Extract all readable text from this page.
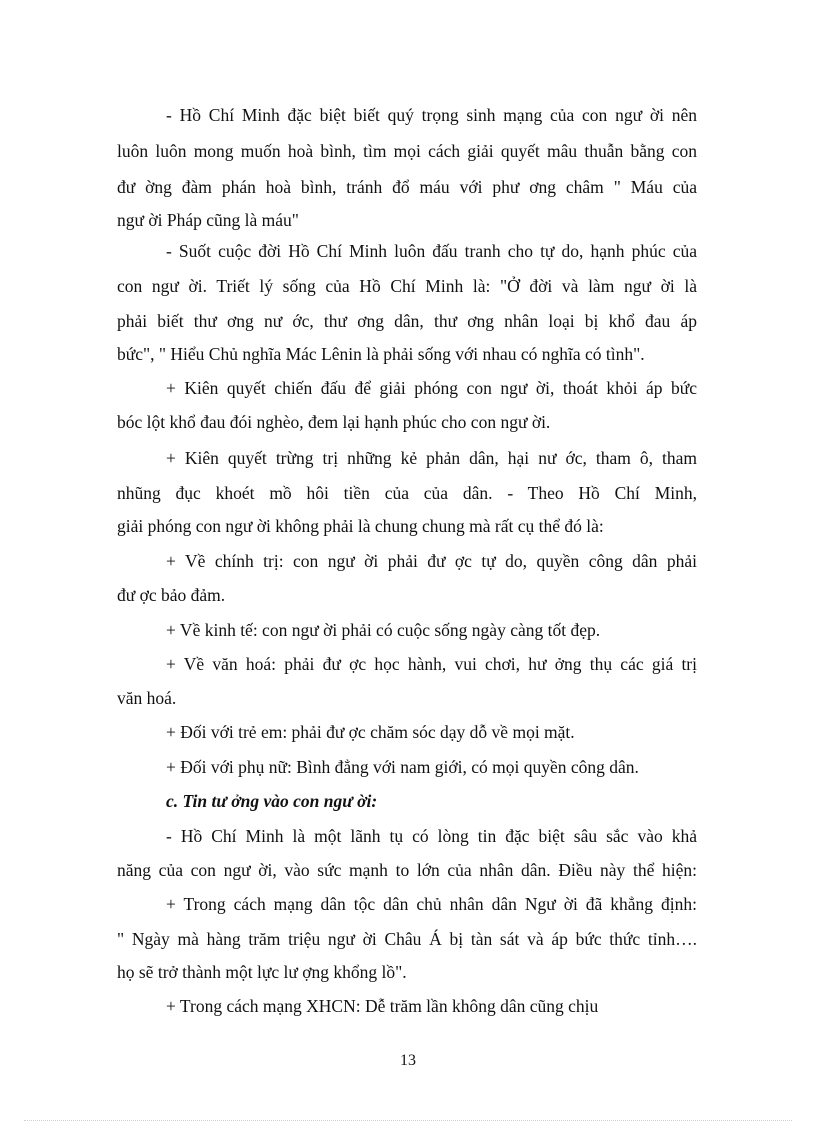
- Hồ Chí Minh đặc biệt biết quý trọng sinh mạng của con ngư ời nên
luôn luôn mong muốn hoà bình, tìm mọi cách giải quyết mâu thuẫn bằng con
đư ờng đàm phán hoà bình, tránh đổ máu với phư ơng châm " Máu của
ngư ời Pháp cũng là máu"
- Suốt cuộc đời Hồ Chí Minh luôn đấu tranh cho tự do, hạnh phúc của
con ngư ời. Triết lý sống của Hồ Chí Minh là: "Ở đời và làm ngư ời là
phải biết thư ơng nư ớc, thư ơng dân, thư ơng nhân loại bị khổ đau áp
bức", " Hiểu Chủ nghĩa Mác Lênin là phải sống với nhau có nghĩa có tình".
+ Kiên quyết chiến đấu để giải phóng con ngư ời, thoát khỏi áp bức
bóc lột khổ đau đói nghèo, đem lại hạnh phúc cho con ngư ời.
+ Kiên quyết trừng trị những kẻ phản dân, hại nư ớc, tham ô, tham
nhũng đục khoét mồ hôi tiền của của dân. - Theo Hồ Chí Minh,
giải phóng con ngư ời không phải là chung chung mà rất cụ thể đó là:
+ Về chính trị: con ngư ời phải đư ợc tự do, quyền công dân phải
đư ợc bảo đảm.
+ Về kinh tế: con ngư ời phải có cuộc sống ngày càng tốt đẹp.
+ Về văn hoá: phải đư ợc học hành, vui chơi, hư ởng thụ các giá trị
văn hoá.
+ Đối với trẻ em: phải đư ợc chăm sóc dạy dỗ về mọi mặt.
+ Đối với phụ nữ: Bình đẳng với nam giới, có mọi quyền công dân.
c. Tin tư ởng vào con ngư ời:
- Hồ Chí Minh là một lãnh tụ có lòng tin đặc biệt sâu sắc vào khả
năng của con ngư ời, vào sức mạnh to lớn của nhân dân. Điều này thể hiện:
+ Trong cách mạng dân tộc dân chủ nhân dân Ngư ời đã khẳng định:
" Ngày mà hàng trăm triệu ngư ời Châu Á bị tàn sát và áp bức thức tỉnh….
họ sẽ trở thành một lực lư ợng khổng lồ".
+ Trong cách mạng XHCN: Dễ trăm lần không dân cũng chịu
13
